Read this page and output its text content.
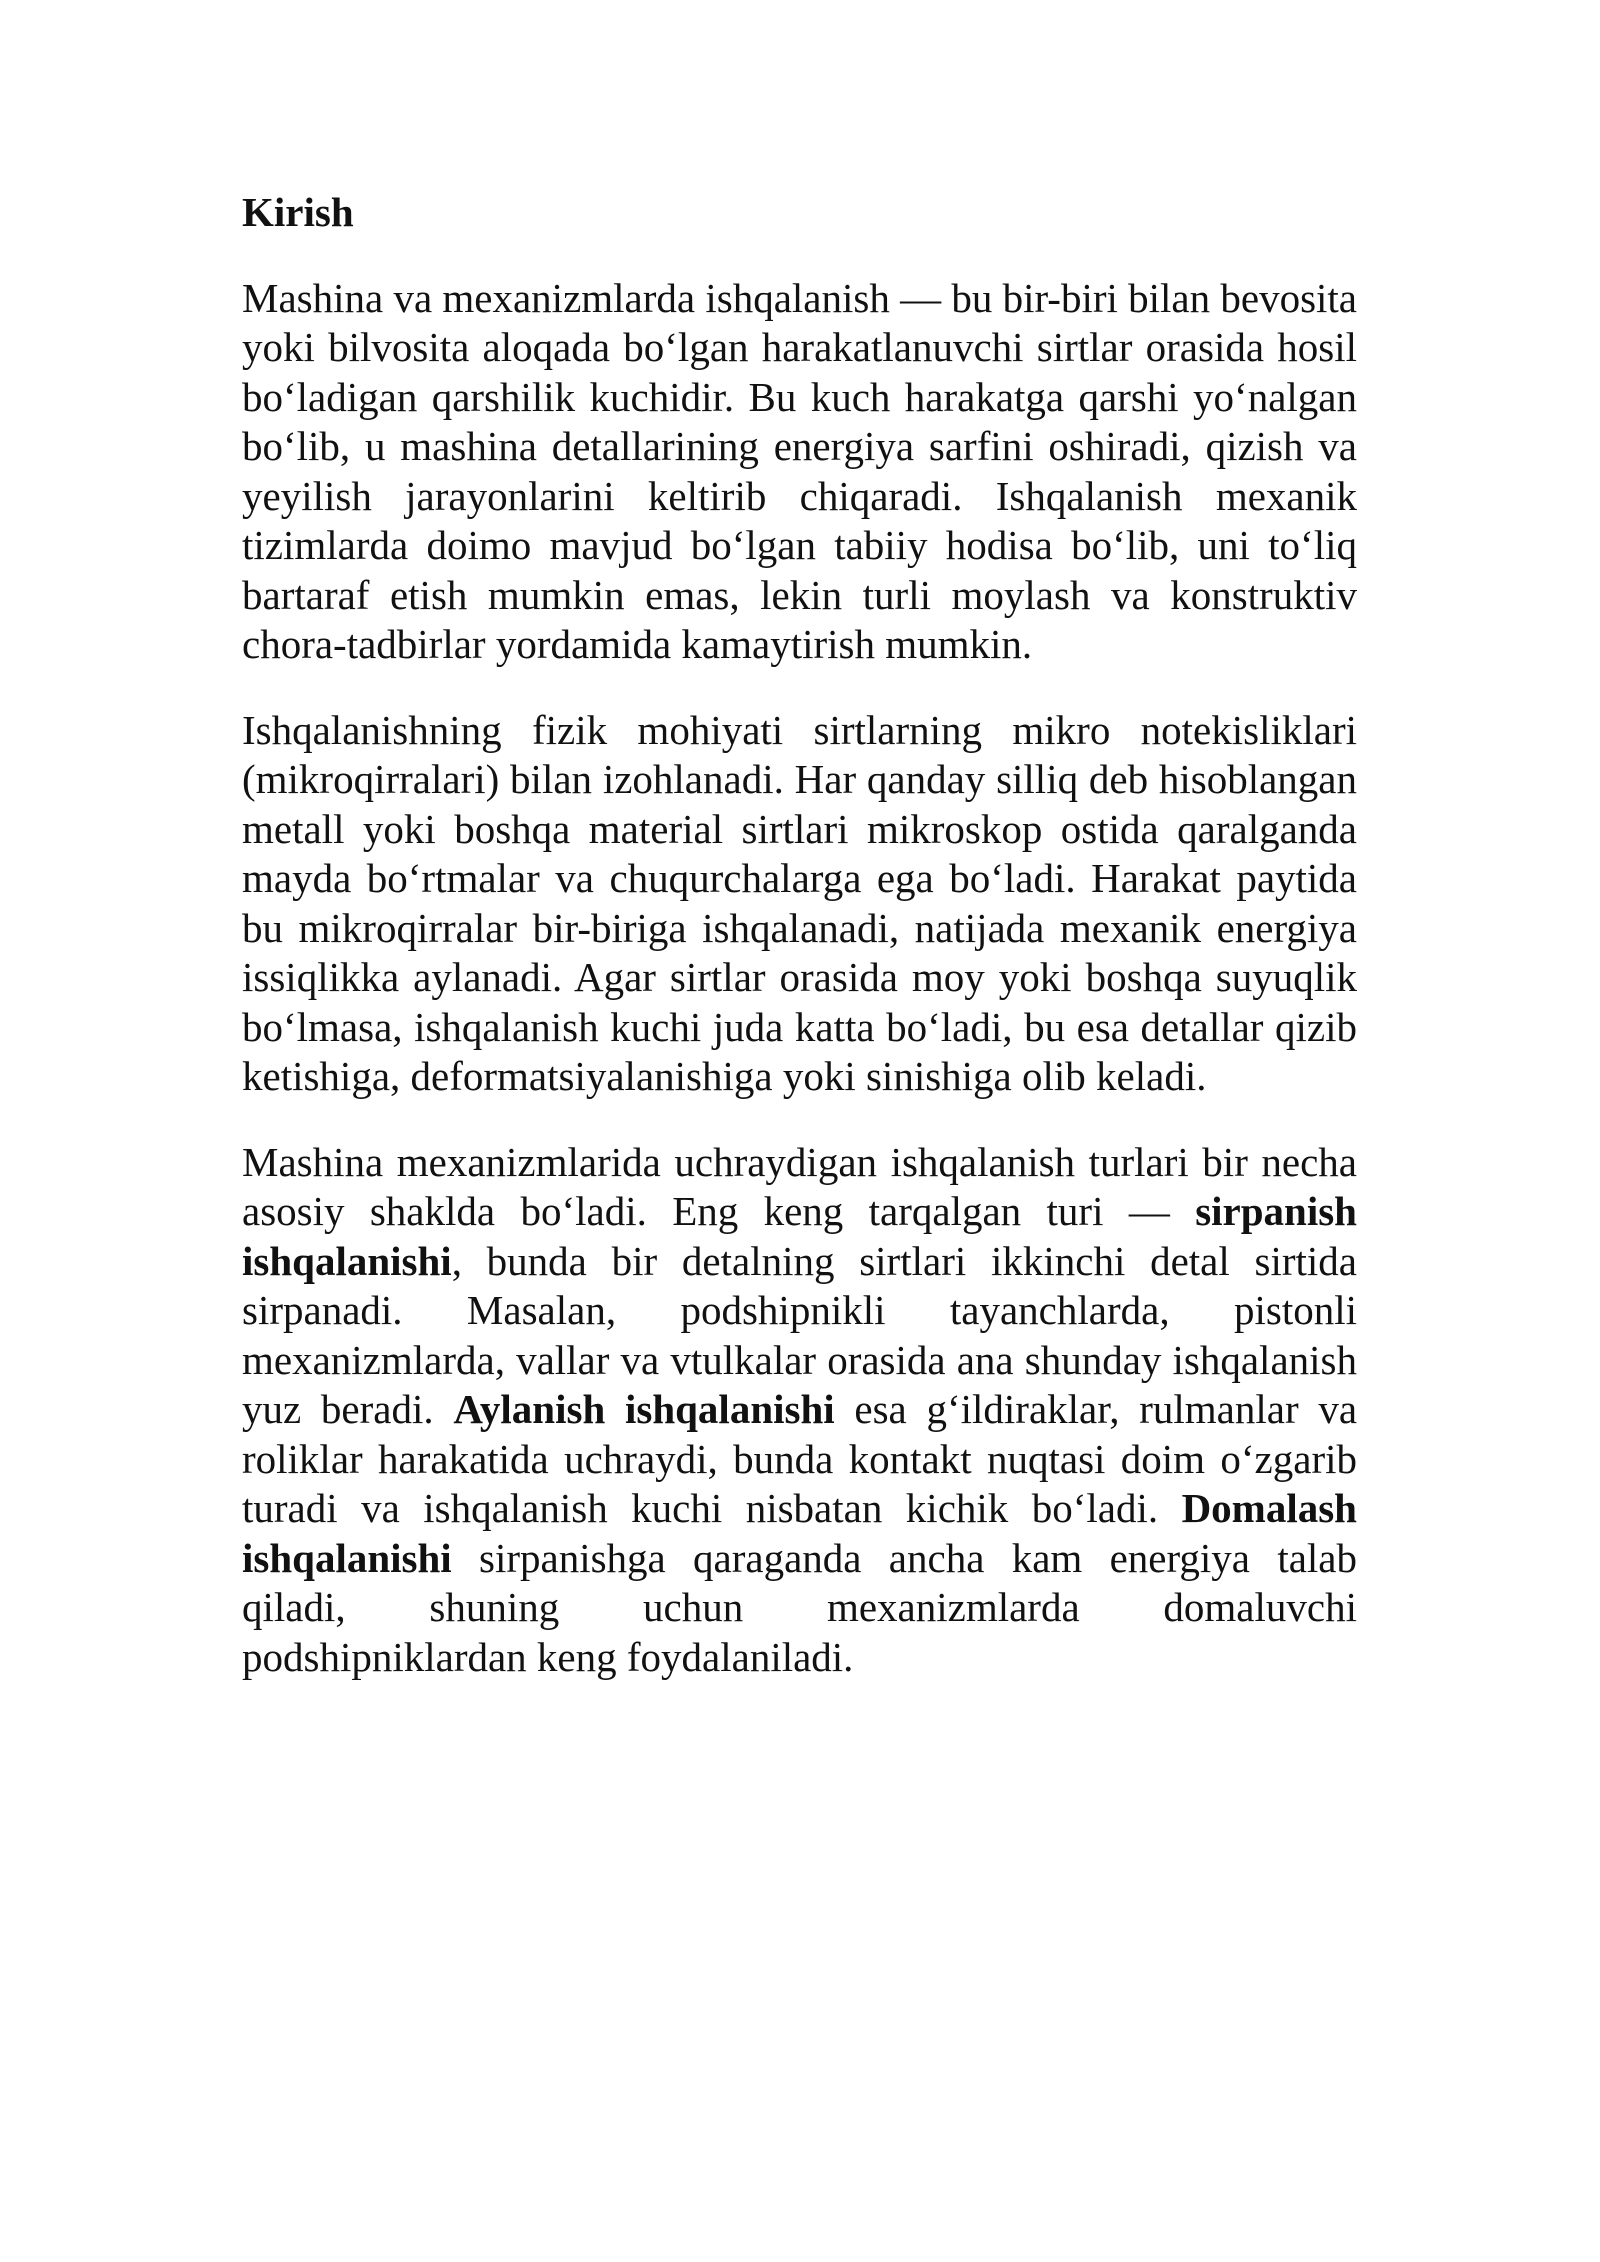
Kirish

Mashina va mexanizmlarda ishqalanish — bu bir-biri bilan bevosita yoki bilvosita aloqada bo‘lgan harakatlanuvchi sirtlar orasida hosil bo‘ladigan qarshilik kuchidir. Bu kuch harakatga qarshi yo‘nalgan bo‘lib, u mashina detallarining energiya sarfini oshiradi, qizish va yeyilish jarayonlarini keltirib chiqaradi. Ishqalanish mexanik tizimlarda doimo mavjud bo‘lgan tabiiy hodisa bo‘lib, uni to‘liq bartaraf etish mumkin emas, lekin turli moylash va konstruktiv chora-tadbirlar yordamida kamaytirish mumkin.

Ishqalanishning fizik mohiyati sirtlarning mikro notekisliklari (mikroqirralari) bilan izohlanadi. Har qanday silliq deb hisoblangan metall yoki boshqa material sirtlari mikroskop ostida qaralganda mayda bo‘rtmalar va chuqurchalarga ega bo‘ladi. Harakat paytida bu mikroqirralar bir-biriga ishqalanadi, natijada mexanik energiya issiqlikka aylanadi. Agar sirtlar orasida moy yoki boshqa suyuqlik bo‘lmasa, ishqalanish kuchi juda katta bo‘ladi, bu esa detallar qizib ketishiga, deformatsiyalanishiga yoki sinishiga olib keladi.

Mashina mexanizmlarida uchraydigan ishqalanish turlari bir necha asosiy shaklda bo‘ladi. Eng keng tarqalgan turi — sirpanish ishqalanishi, bunda bir detalning sirtlari ikkinchi detal sirtida sirpanadi. Masalan, podshipnikli tayanchlarda, pistonli mexanizmlarda, vallar va vtulkalar orasida ana shunday ishqalanish yuz beradi. Aylanish ishqalanishi esa g‘ildiraklar, rulmanlar va roliklar harakatida uchraydi, bunda kontakt nuqtasi doim o‘zgarib turadi va ishqalanish kuchi nisbatan kichik bo‘ladi. Domalash ishqalanishi sirpanishga qaraganda ancha kam energiya talab qiladi, shuning uchun mexanizmlarda domaluvchi podshipniklardan keng foydalaniladi.
